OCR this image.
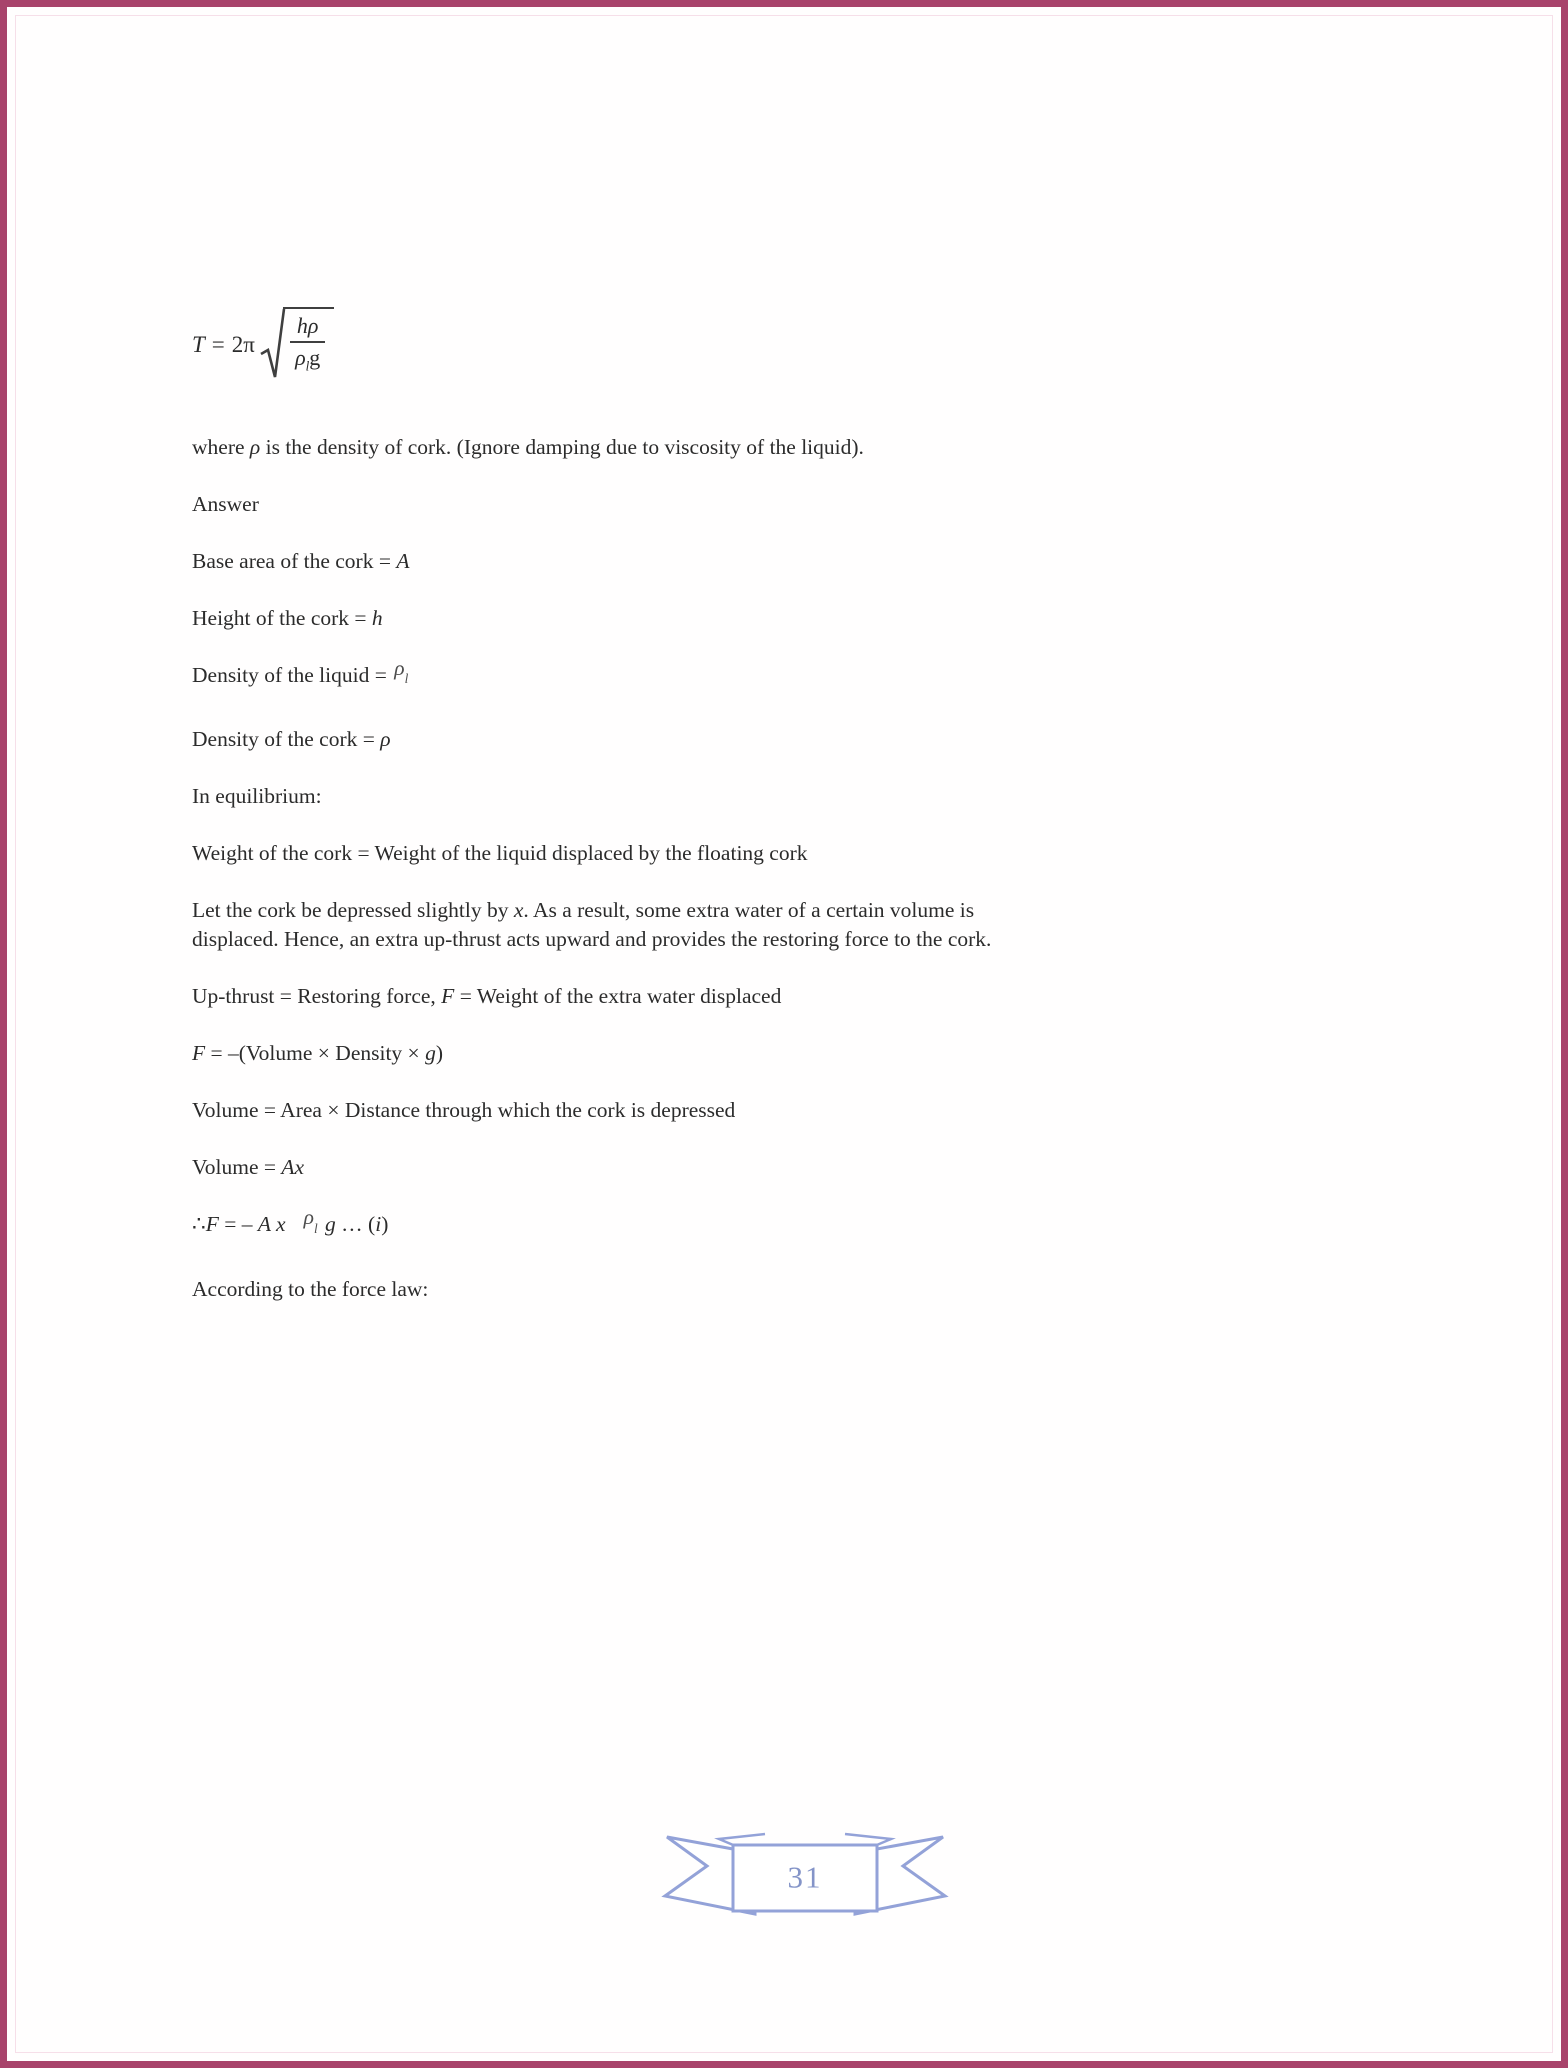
T = 2π
hρ
$\rho_lg$

where ρ is the density of cork. (Ignore damping due to viscosity of the liquid).

Answer

Base area of the cork = A

Height of the cork = h

Density of the liquid = $\rho_l$

Density of the cork = ρ

In equilibrium:

Weight of the cork = Weight of the liquid displaced by the floating cork

Let the cork be depressed slightly by x. As a result, some extra water of a certain volume is displaced. Hence, an extra up-thrust acts upward and provides the restoring force to the cork.

Up-thrust = Restoring force, F = Weight of the extra water displaced

F = –(Volume × Density × g)

Volume = Area × Distance through which the cork is depressed

Volume = Ax

∴F = – A x $\rho_l$ g … (i)

According to the force law:

31
